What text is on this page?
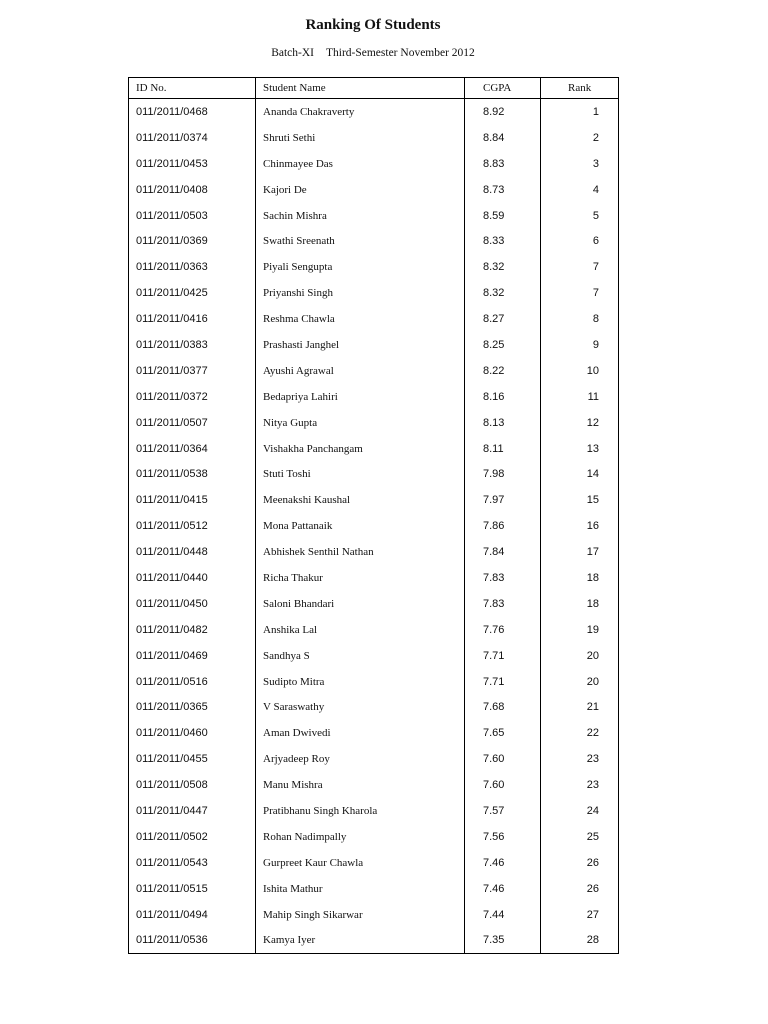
Ranking Of Students
Batch-XI Third-Semester November 2012
ID No.	Student Name	CGPA	Rank
011/2011/0468	Ananda Chakraverty	8.92	1
011/2011/0374	Shruti Sethi	8.84	2
011/2011/0453	Chinmayee Das	8.83	3
011/2011/0408	Kajori De	8.73	4
011/2011/0503	Sachin Mishra	8.59	5
011/2011/0369	Swathi Sreenath	8.33	6
011/2011/0363	Piyali Sengupta	8.32	7
011/2011/0425	Priyanshi Singh	8.32	7
011/2011/0416	Reshma Chawla	8.27	8
011/2011/0383	Prashasti Janghel	8.25	9
011/2011/0377	Ayushi Agrawal	8.22	10
011/2011/0372	Bedapriya Lahiri	8.16	11
011/2011/0507	Nitya Gupta	8.13	12
011/2011/0364	Vishakha Panchangam	8.11	13
011/2011/0538	Stuti Toshi	7.98	14
011/2011/0415	Meenakshi Kaushal	7.97	15
011/2011/0512	Mona Pattanaik	7.86	16
011/2011/0448	Abhishek Senthil Nathan	7.84	17
011/2011/0440	Richa Thakur	7.83	18
011/2011/0450	Saloni Bhandari	7.83	18
011/2011/0482	Anshika Lal	7.76	19
011/2011/0469	Sandhya S	7.71	20
011/2011/0516	Sudipto Mitra	7.71	20
011/2011/0365	V Saraswathy	7.68	21
011/2011/0460	Aman Dwivedi	7.65	22
011/2011/0455	Arjyadeep Roy	7.60	23
011/2011/0508	Manu Mishra	7.60	23
011/2011/0447	Pratibhanu Singh Kharola	7.57	24
011/2011/0502	Rohan Nadimpally	7.56	25
011/2011/0543	Gurpreet Kaur Chawla	7.46	26
011/2011/0515	Ishita Mathur	7.46	26
011/2011/0494	Mahip Singh Sikarwar	7.44	27
011/2011/0536	Kamya Iyer	7.35	28
